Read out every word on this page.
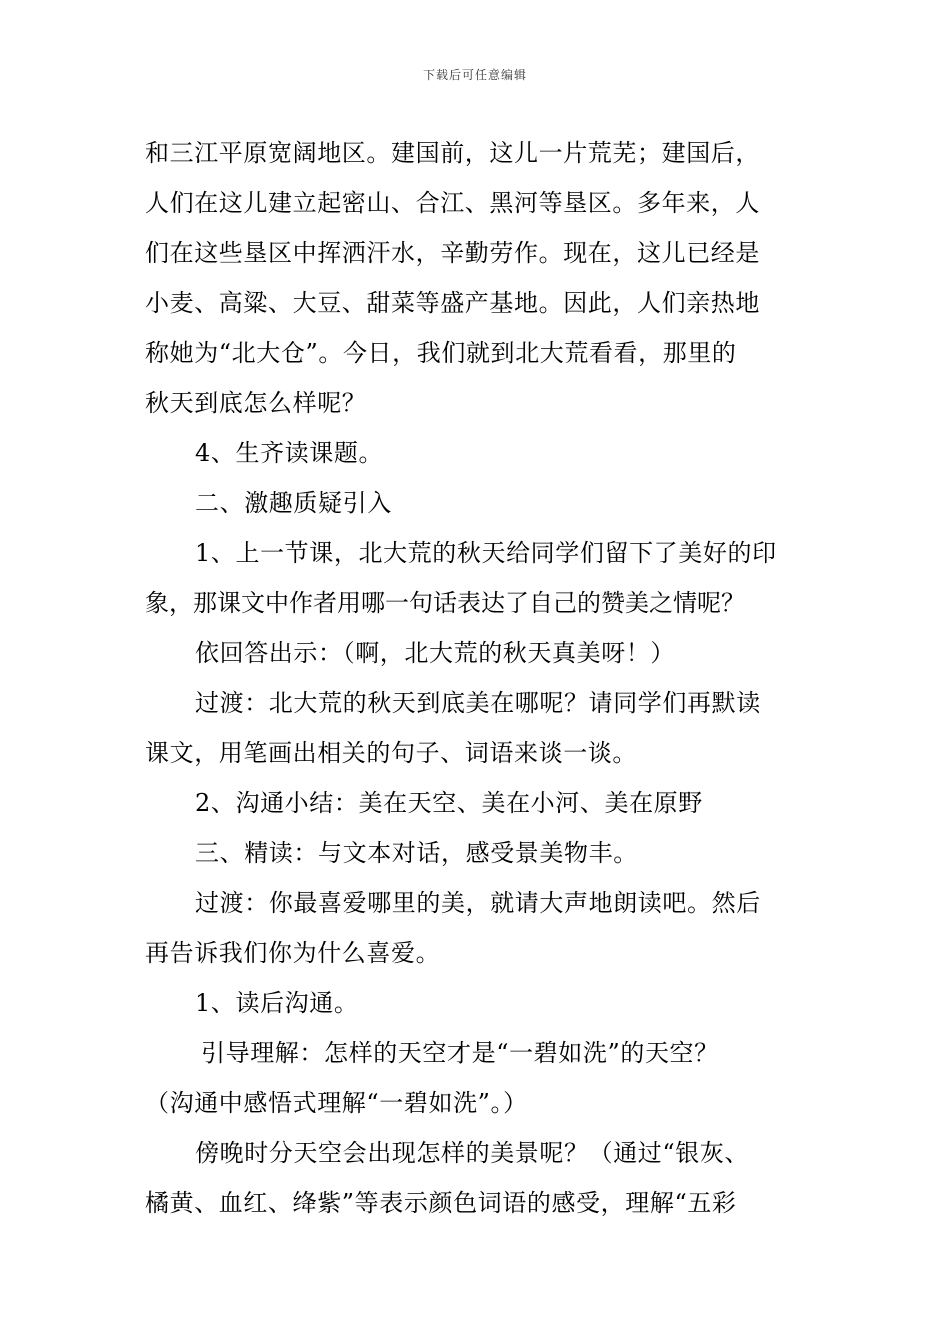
下载后可任意编辑
和三江平原宽阔地区。建国前，这儿一片荒芜；建国后，
人们在这儿建立起密山、合江、黑河等垦区。多年来，人
们在这些垦区中挥洒汗水，辛勤劳作。现在，这儿已经是
小麦、高粱、大豆、甜菜等盛产基地。因此，人们亲热地
称她为“北大仓”。今日，我们就到北大荒看看，那里的
秋天到底怎么样呢？
4、生齐读课题。
二、激趣质疑引入
1、上一节课，北大荒的秋天给同学们留下了美好的印
象，那课文中作者用哪一句话表达了自己的赞美之情呢？
依回答出示：（啊，北大荒的秋天真美呀！）
过渡：北大荒的秋天到底美在哪呢？请同学们再默读
课文，用笔画出相关的句子、词语来谈一谈。
2、沟通小结：美在天空、美在小河、美在原野
三、精读：与文本对话，感受景美物丰。
过渡：你最喜爱哪里的美，就请大声地朗读吧。然后
再告诉我们你为什么喜爱。
1、读后沟通。
引导理解：怎样的天空才是“一碧如洗”的天空？
（沟通中感悟式理解“一碧如洗”。）
傍晚时分天空会出现怎样的美景呢？（通过“银灰、
橘黄、血红、绛紫”等表示颜色词语的感受，理解“五彩
